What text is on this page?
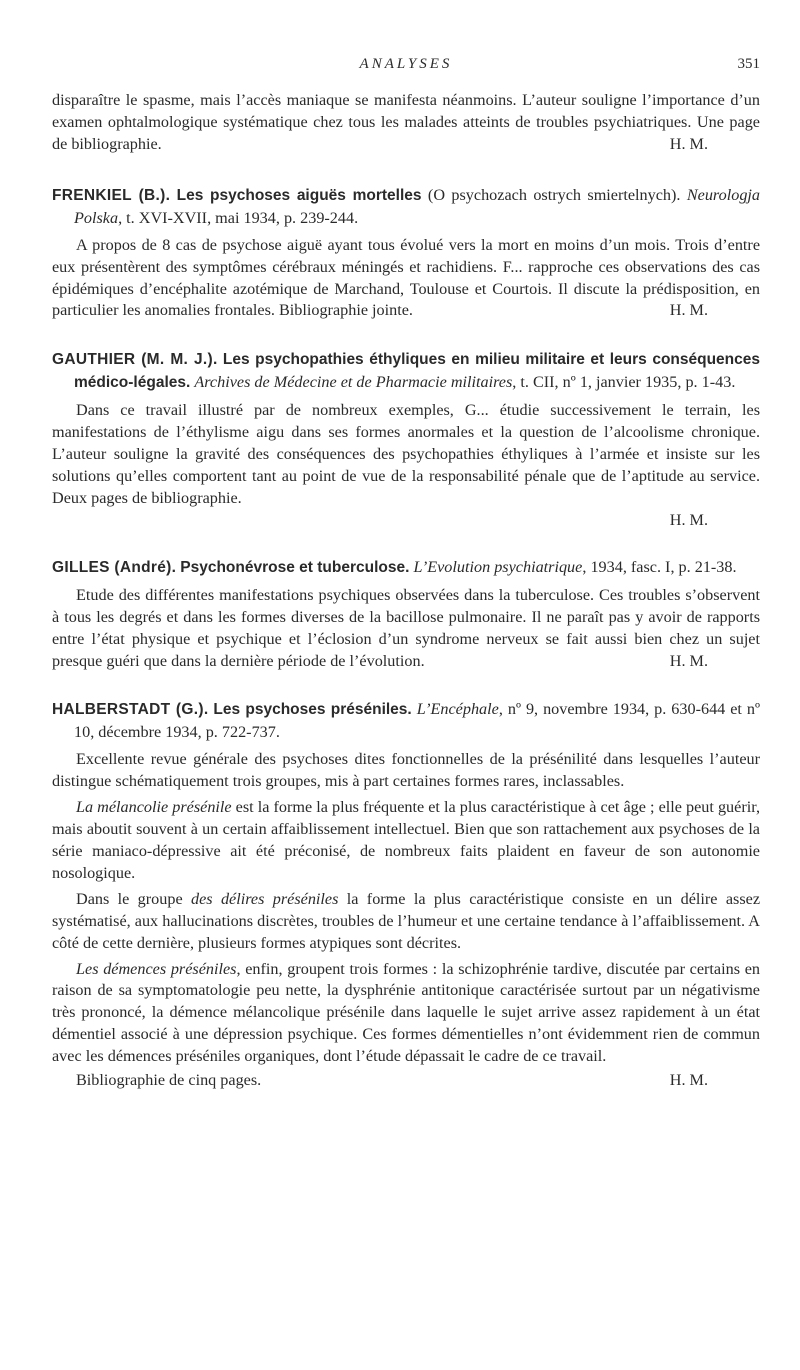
ANALYSES	351

disparaître le spasme, mais l’accès maniaque se manifesta néanmoins. L’auteur souligne l’importance d’un examen ophtalmologique systématique chez tous les malades atteints de troubles psychiatriques. Une page de bibliographie.	H. M.

FRENKIEL (B.). Les psychoses aiguës mortelles (O psychozach ostrych smiertelnych). Neurologja Polska, t. XVI-XVII, mai 1934, p. 239-244.

A propos de 8 cas de psychose aiguë ayant tous évolué vers la mort en moins d’un mois. Trois d’entre eux présentèrent des symptômes cérébraux méningés et rachidiens. F... rapproche ces observations des cas épidémiques d’encéphalite azotémique de Marchand, Toulouse et Courtois. Il discute la prédisposition, en particulier les anomalies frontales. Bibliographie jointe.	H. M.

GAUTHIER (M. M. J.). Les psychopathies éthyliques en milieu militaire et leurs conséquences médico-légales. Archives de Médecine et de Pharmacie militaires, t. CII, nº 1, janvier 1935, p. 1-43.

Dans ce travail illustré par de nombreux exemples, G... étudie successivement le terrain, les manifestations de l’éthylisme aigu dans ses formes anormales et la question de l’alcoolisme chronique. L’auteur souligne la gravité des conséquences des psychopathies éthyliques à l’armée et insiste sur les solutions qu’elles comportent tant au point de vue de la responsabilité pénale que de l’aptitude au service. Deux pages de bibliographie.

H. M.

GILLES (André). Psychonévrose et tuberculose. L’Evolution psychiatrique, 1934, fasc. I, p. 21-38.

Etude des différentes manifestations psychiques observées dans la tuberculose. Ces troubles s’observent à tous les degrés et dans les formes diverses de la bacillose pulmonaire. Il ne paraît pas y avoir de rapports entre l’état physique et psychique et l’éclosion d’un syndrome nerveux se fait aussi bien chez un sujet presque guéri que dans la dernière période de l’évolution.	H. M.

HALBERSTADT (G.). Les psychoses préséniles. L’Encéphale, nº 9, novembre 1934, p. 630-644 et nº 10, décembre 1934, p. 722-737.

Excellente revue générale des psychoses dites fonctionnelles de la présénilité dans lesquelles l’auteur distingue schématiquement trois groupes, mis à part certaines formes rares, inclassables.

La mélancolie présénile est la forme la plus fréquente et la plus caractéristique à cet âge ; elle peut guérir, mais aboutit souvent à un certain affaiblissement intellectuel. Bien que son rattachement aux psychoses de la série maniaco-dépressive ait été préconisé, de nombreux faits plaident en faveur de son autonomie nosologique.

Dans le groupe des délires préséniles la forme la plus caractéristique consiste en un délire assez systématisé, aux hallucinations discrètes, troubles de l’humeur et une certaine tendance à l’affaiblissement. A côté de cette dernière, plusieurs formes atypiques sont décrites.

Les démences préséniles, enfin, groupent trois formes : la schizophrénie tardive, discutée par certains en raison de sa symptomatologie peu nette, la dysphrénie antitonique caractérisée surtout par un négativisme très prononcé, la démence mélancolique présénile dans laquelle le sujet arrive assez rapidement à un état démentiel associé à une dépression psychique. Ces formes démentielles n’ont évidemment rien de commun avec les démences préséniles organiques, dont l’étude dépassait le cadre de ce travail.

Bibliographie de cinq pages.	H. M.
